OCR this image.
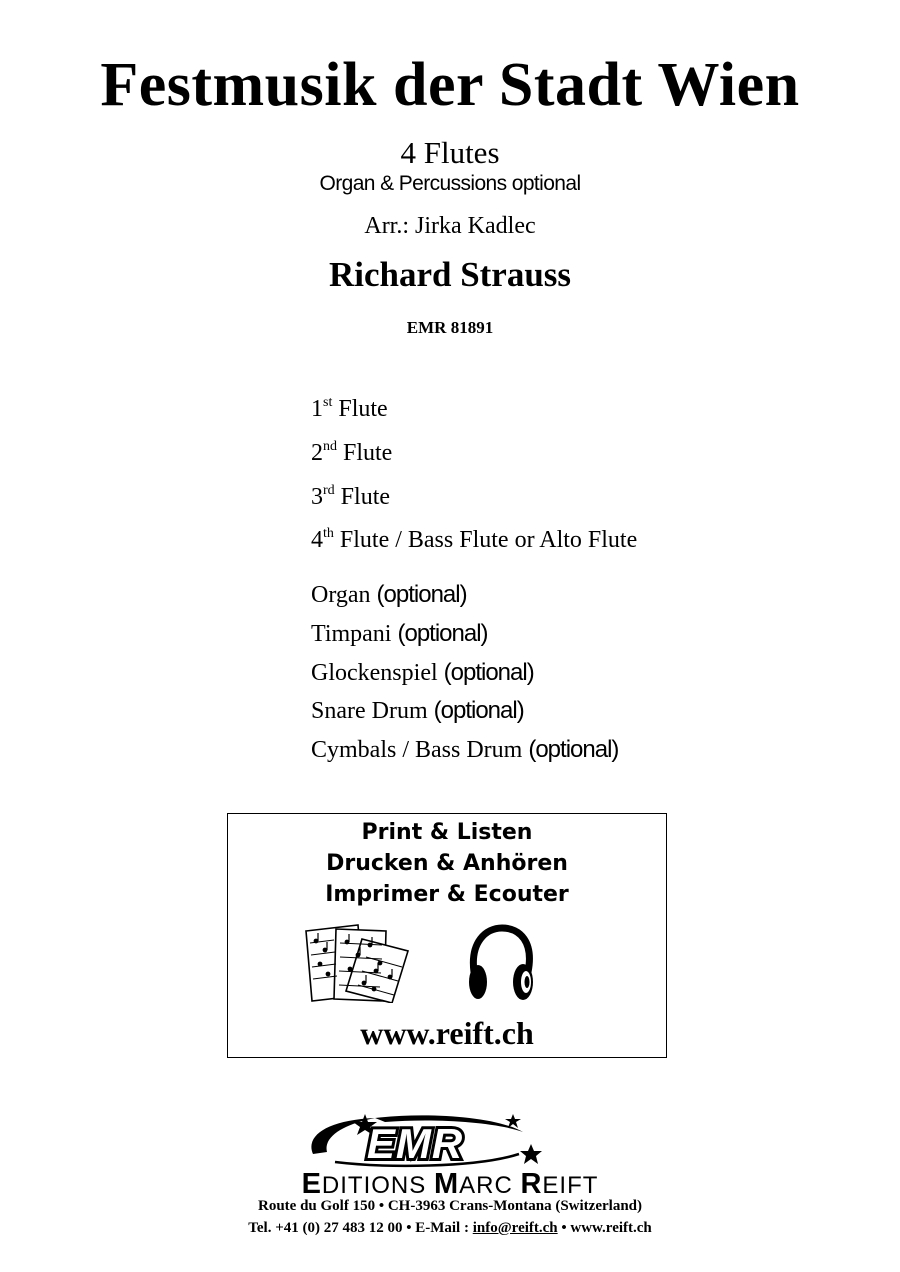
Festmusik der Stadt Wien
4 Flutes
Organ & Percussions optional
Arr.: Jirka Kadlec
Richard Strauss
EMR 81891
1st Flute
2nd Flute
3rd Flute
4th Flute / Bass Flute or Alto Flute
Organ (optional)
Timpani (optional)
Glockenspiel (optional)
Snare Drum (optional)
Cymbals / Bass Drum (optional)
Print & Listen
Drucken & Anhören
Imprimer & Ecouter
www.reift.ch
EMR
EDITIONS MARC REIFT
Route du Golf 150 • CH-3963 Crans-Montana (Switzerland)
Tel. +41 (0) 27 483 12 00 • E-Mail : info@reift.ch • www.reift.ch
